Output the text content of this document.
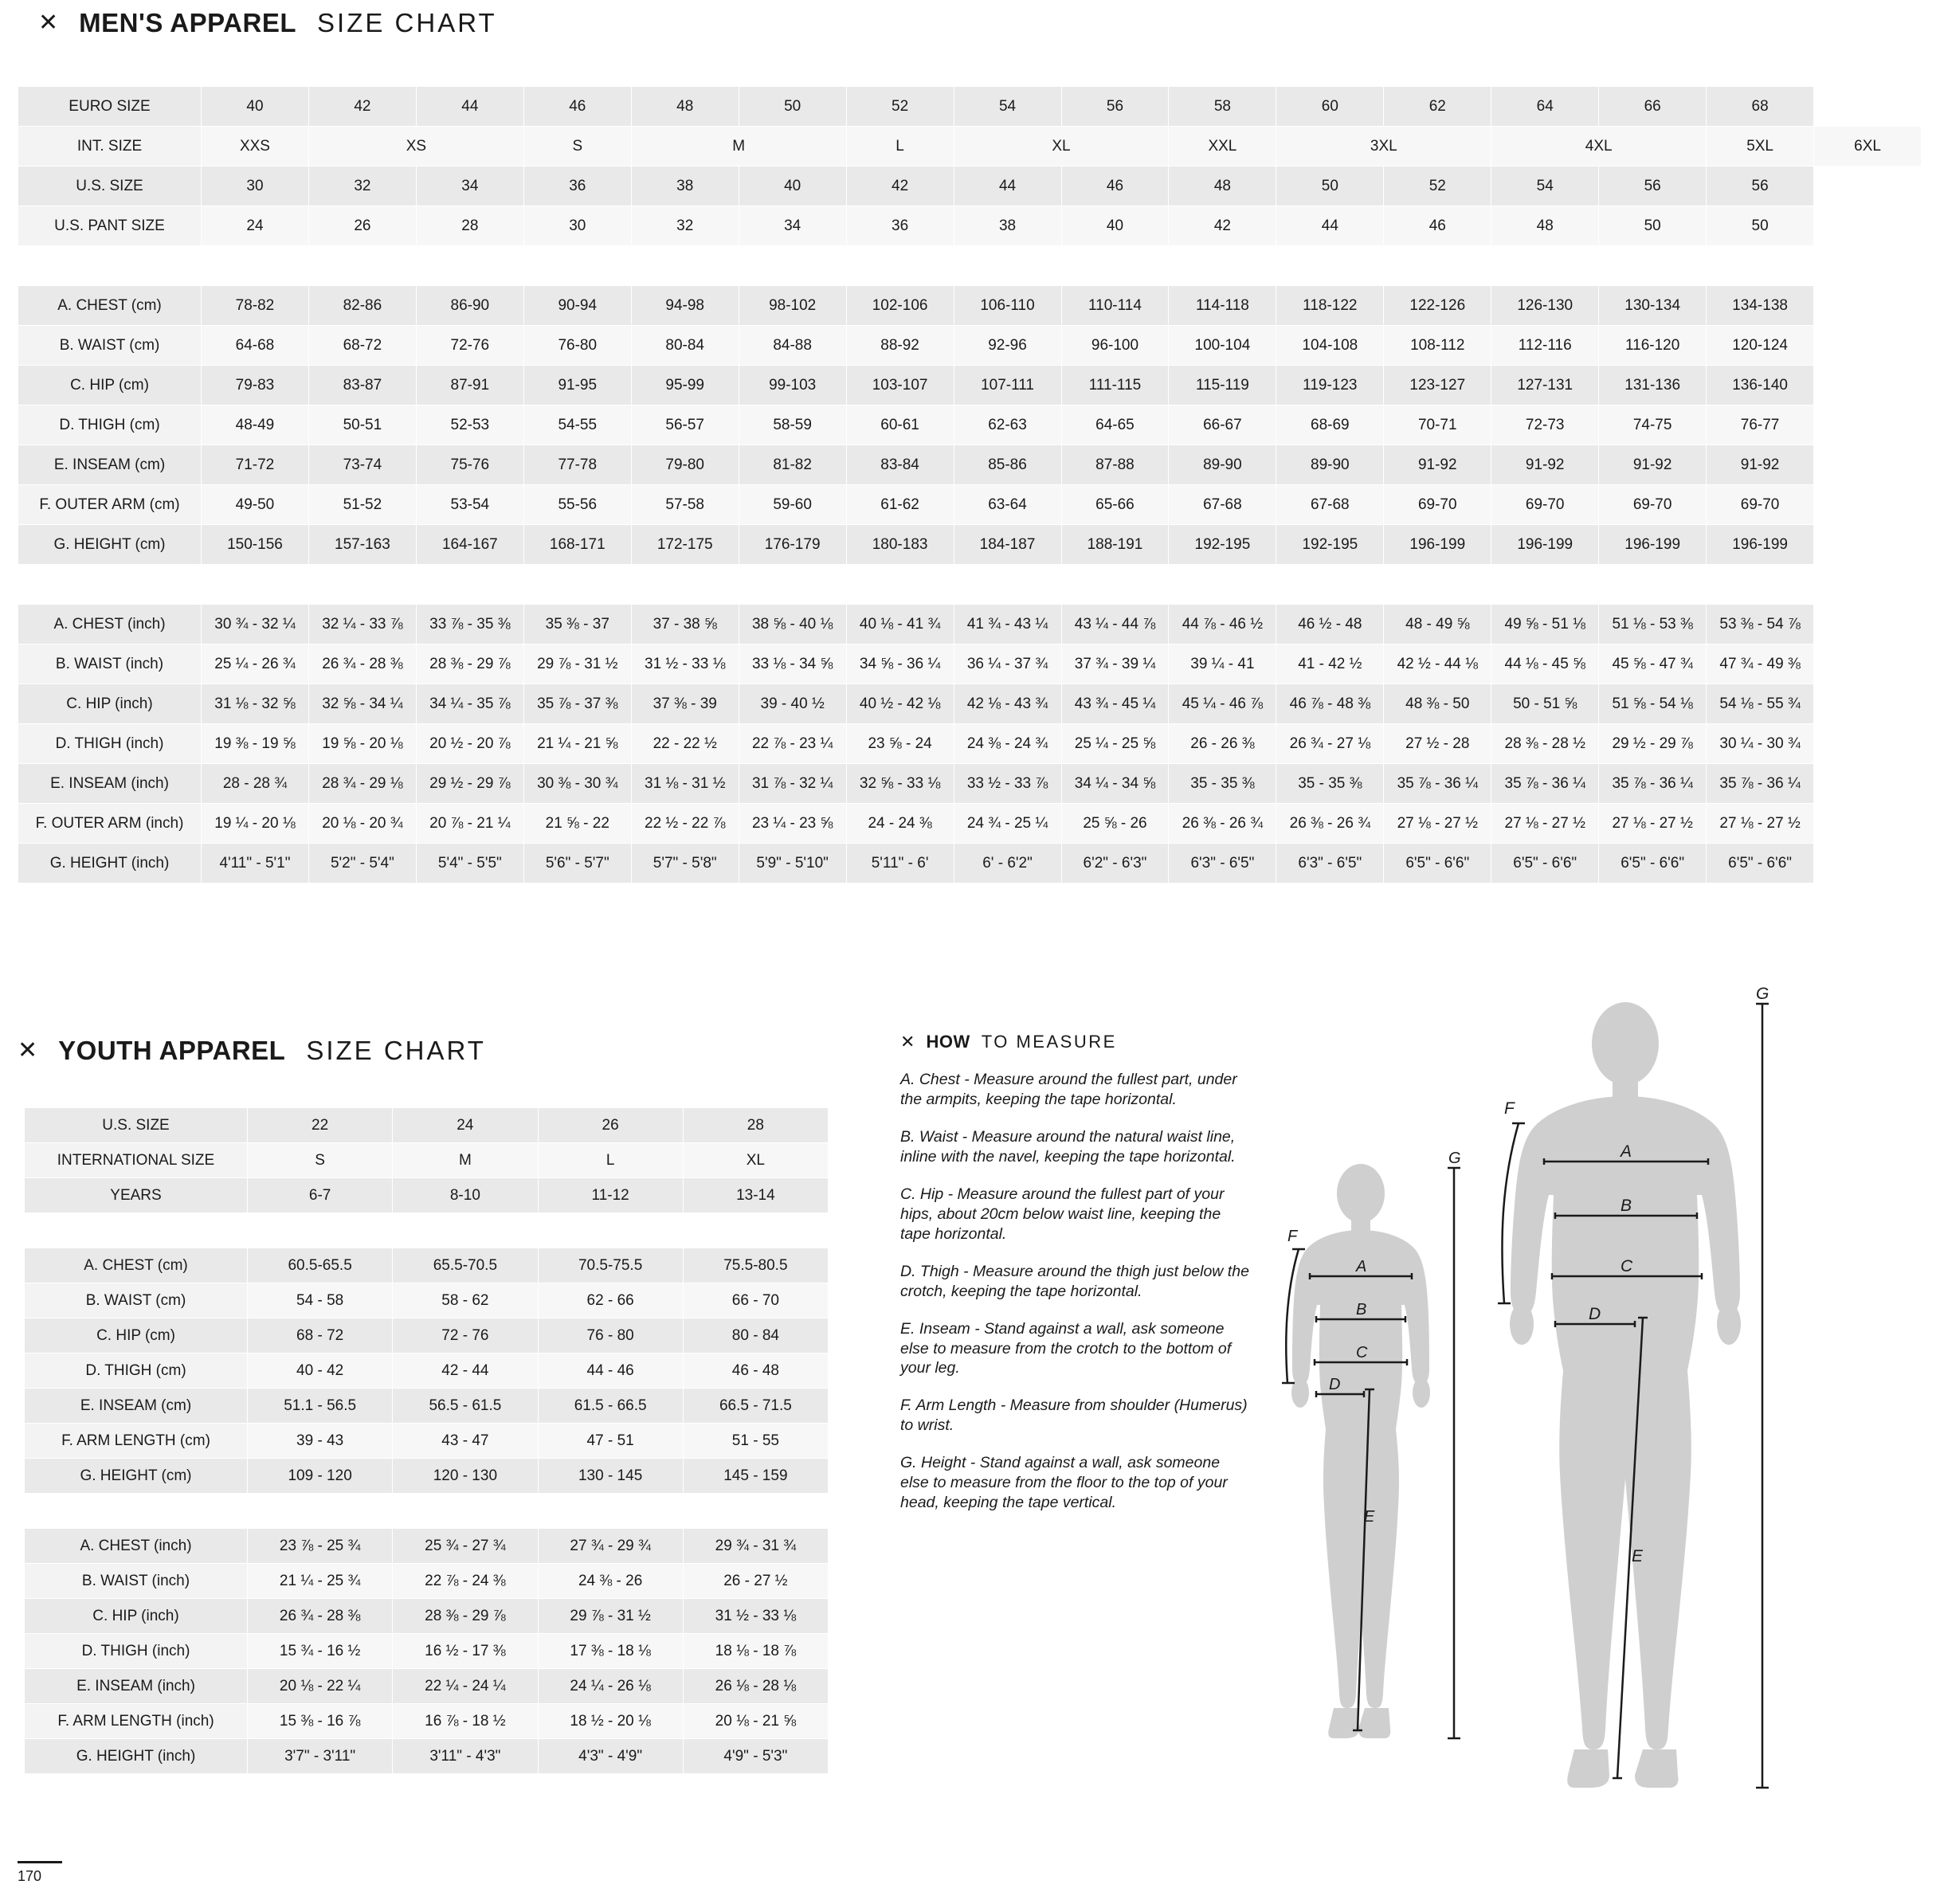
✕ MEN'S APPAREL SIZE CHART
EURO SIZE	40	42	44	46	48	50	52	54	56	58	60	62	64	66	68	
INT. SIZE	XXS	XS		S	M		L	XL		XXL	3XL		4XL		5XL	6XL
U.S. SIZE	30	32	34	36	38	40	42	44	46	48	50	52	54	56	56	
U.S. PANT SIZE	24	26	28	30	32	34	36	38	40	42	44	46	48	50	50	

A. CHEST (cm)	78-82	82-86	86-90	90-94	94-98	98-102	102-106	106-110	110-114	114-118	118-122	122-126	126-130	130-134	134-138	
B. WAIST (cm)	64-68	68-72	72-76	76-80	80-84	84-88	88-92	92-96	96-100	100-104	104-108	108-112	112-116	116-120	120-124	
C. HIP (cm)	79-83	83-87	87-91	91-95	95-99	99-103	103-107	107-111	111-115	115-119	119-123	123-127	127-131	131-136	136-140	
D. THIGH (cm)	48-49	50-51	52-53	54-55	56-57	58-59	60-61	62-63	64-65	66-67	68-69	70-71	72-73	74-75	76-77	
E. INSEAM (cm)	71-72	73-74	75-76	77-78	79-80	81-82	83-84	85-86	87-88	89-90	89-90	91-92	91-92	91-92	91-92	
F. OUTER ARM (cm)	49-50	51-52	53-54	55-56	57-58	59-60	61-62	63-64	65-66	67-68	67-68	69-70	69-70	69-70	69-70	
G. HEIGHT (cm)	150-156	157-163	164-167	168-171	172-175	176-179	180-183	184-187	188-191	192-195	192-195	196-199	196-199	196-199	196-199	

A. CHEST (inch)	30 ¾ - 32 ¼	32 ¼ - 33 ⅞	33 ⅞ - 35 ⅜	35 ⅜ - 37	37 - 38 ⅝	38 ⅝ - 40 ⅛	40 ⅛ - 41 ¾	41 ¾ - 43 ¼	43 ¼ - 44 ⅞	44 ⅞ - 46 ½	46 ½ - 48	48 - 49 ⅝	49 ⅝ - 51 ⅛	51 ⅛ - 53 ⅜	53 ⅜ - 54 ⅞	
B. WAIST (inch)	25 ¼ - 26 ¾	26 ¾ - 28 ⅜	28 ⅜ - 29 ⅞	29 ⅞ - 31 ½	31 ½ - 33 ⅛	33 ⅛ - 34 ⅝	34 ⅝ - 36 ¼	36 ¼ - 37 ¾	37 ¾ - 39 ¼	39 ¼ - 41	41 - 42 ½	42 ½ - 44 ⅛	44 ⅛ - 45 ⅝	45 ⅝ - 47 ¾	47 ¾ - 49 ⅜	
C. HIP (inch)	31 ⅛ - 32 ⅝	32 ⅝ - 34 ¼	34 ¼ - 35 ⅞	35 ⅞ - 37 ⅜	37 ⅜ - 39	39 - 40 ½	40 ½ - 42 ⅛	42 ⅛ - 43 ¾	43 ¾ - 45 ¼	45 ¼ - 46 ⅞	46 ⅞ - 48 ⅜	48 ⅜ - 50	50 - 51 ⅝	51 ⅝ - 54 ⅛	54 ⅛ - 55 ¾	
D. THIGH (inch)	19 ⅜ - 19 ⅝	19 ⅝ - 20 ⅛	20 ½ - 20 ⅞	21 ¼ - 21 ⅝	22 - 22 ½	22 ⅞ - 23 ¼	23 ⅝ - 24	24 ⅜ - 24 ¾	25 ¼ - 25 ⅝	26 - 26 ⅜	26 ¾ - 27 ⅛	27 ½ - 28	28 ⅜ - 28 ½	29 ½ - 29 ⅞	30 ¼ - 30 ¾	
E. INSEAM (inch)	28 - 28 ¾	28 ¾ - 29 ⅛	29 ½ - 29 ⅞	30 ⅜ - 30 ¾	31 ⅛ - 31 ½	31 ⅞ - 32 ¼	32 ⅝ - 33 ⅛	33 ½ - 33 ⅞	34 ¼ - 34 ⅝	35 - 35 ⅜	35 - 35 ⅜	35 ⅞ - 36 ¼	35 ⅞ - 36 ¼	35 ⅞ - 36 ¼	35 ⅞ - 36 ¼	
F. OUTER ARM (inch)	19 ¼ - 20 ⅛	20 ⅛ - 20 ¾	20 ⅞ - 21 ¼	21 ⅝ - 22	22 ½ - 22 ⅞	23 ¼ - 23 ⅝	24 - 24 ⅜	24 ¾ - 25 ¼	25 ⅝ - 26	26 ⅜ - 26 ¾	26 ⅜ - 26 ¾	27 ⅛ - 27 ½	27 ⅛ - 27 ½	27 ⅛ - 27 ½	27 ⅛ - 27 ½	
G. HEIGHT (inch)	4'11" - 5'1"	5'2" - 5'4"	5'4" - 5'5"	5'6" - 5'7"	5'7" - 5'8"	5'9" - 5'10"	5'11" - 6'	6' - 6'2"	6'2" - 6'3"	6'3" - 6'5"	6'3" - 6'5"	6'5" - 6'6"	6'5" - 6'6"	6'5" - 6'6"	6'5" - 6'6"	
✕ YOUTH APPAREL SIZE CHART
U.S. SIZE	22	24	26	28
INTERNATIONAL SIZE	S	M	L	XL
YEARS	6-7	8-10	11-12	13-14

A. CHEST (cm)	60.5-65.5	65.5-70.5	70.5-75.5	75.5-80.5
B. WAIST (cm)	54 - 58	58 - 62	62 - 66	66 - 70
C. HIP (cm)	68 - 72	72 - 76	76 - 80	80 - 84
D. THIGH (cm)	40 - 42	42 - 44	44 - 46	46 - 48
E. INSEAM (cm)	51.1 - 56.5	56.5 - 61.5	61.5 - 66.5	66.5 - 71.5
F. ARM LENGTH (cm)	39 - 43	43 - 47	47 - 51	51 - 55
G. HEIGHT (cm)	109 - 120	120 - 130	130 - 145	145 - 159

A. CHEST (inch)	23 ⅞ - 25 ¾	25 ¾ - 27 ¾	27 ¾ - 29 ¾	29 ¾ - 31 ¾
B. WAIST (inch)	21 ¼ - 25 ¾	22 ⅞ - 24 ⅜	24 ⅜ - 26	26 - 27 ½
C. HIP (inch)	26 ¾ - 28 ⅜	28 ⅜ - 29 ⅞	29 ⅞ - 31 ½	31 ½ - 33 ⅛
D. THIGH (inch)	15 ¾ - 16 ½	16 ½ - 17 ⅜	17 ⅜ - 18 ⅛	18 ⅛ - 18 ⅞
E. INSEAM (inch)	20 ⅛ - 22 ¼	22 ¼ - 24 ¼	24 ¼ - 26 ⅛	26 ⅛ - 28 ⅛
F. ARM LENGTH (inch)	15 ⅜ - 16 ⅞	16 ⅞ - 18 ½	18 ½ - 20 ⅛	20 ⅛ - 21 ⅝
G. HEIGHT (inch)	3'7" - 3'11"	3'11" - 4'3"	4'3" - 4'9"	4'9" - 5'3"
✕ HOW TO MEASURE

A. Chest - Measure around the fullest part, under the armpits, keeping the tape horizontal.

B. Waist - Measure around the natural waist line, inline with the navel, keeping the tape horizontal.

C. Hip - Measure around the fullest part of your hips, about 20cm below waist line, keeping the tape horizontal.

D. Thigh - Measure around the thigh just below the crotch, keeping the tape horizontal.

E. Inseam - Stand against a wall, ask someone else to measure from the crotch to the bottom of your leg.

F. Arm Length - Measure from shoulder (Humerus) to wrist.

G. Height - Stand against a wall, ask someone else to measure from the floor to the top of your head, keeping the tape vertical.

A
B
C
D
E
F
G
A
B
C
D
E
F
G
170
